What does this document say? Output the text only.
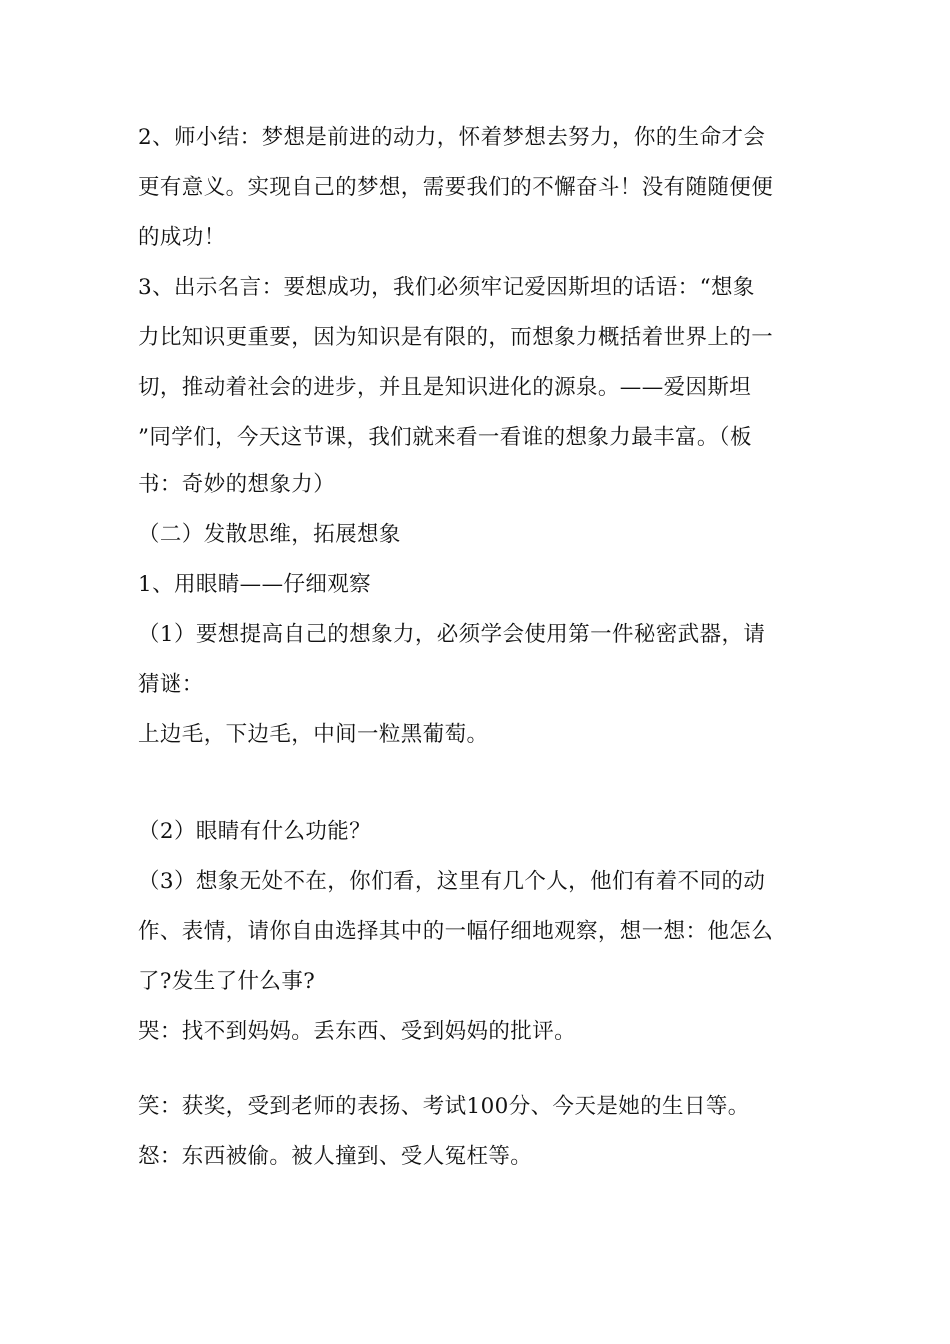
2、师小结：梦想是前进的动力，怀着梦想去努力，你的生命才会
更有意义。实现自己的梦想，需要我们的不懈奋斗！没有随随便便
的成功！
3、出示名言：要想成功，我们必须牢记爱因斯坦的话语：“想象
力比知识更重要，因为知识是有限的，而想象力概括着世界上的一
切，推动着社会的进步，并且是知识进化的源泉。——爱因斯坦
”同学们，今天这节课，我们就来看一看谁的想象力最丰富。（板
书：奇妙的想象力）
（二）发散思维，拓展想象
1、用眼睛——仔细观察
（1）要想提高自己的想象力，必须学会使用第一件秘密武器，请
猜谜：
上边毛，下边毛，中间一粒黑葡萄。
（2）眼睛有什么功能？
（3）想象无处不在，你们看，这里有几个人，他们有着不同的动
作、表情，请你自由选择其中的一幅仔细地观察，想一想：他怎么
了?发生了什么事?
哭：找不到妈妈。丢东西、受到妈妈的批评。
笑：获奖，受到老师的表扬、考试100分、今天是她的生日等。
怒：东西被偷。被人撞到、受人冤枉等。
